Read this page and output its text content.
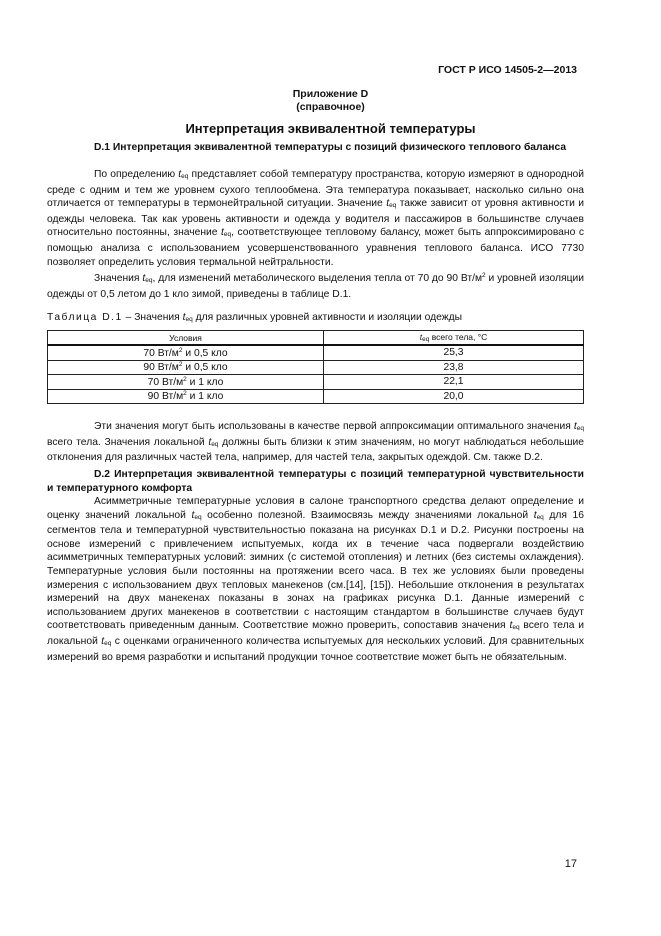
ГОСТ Р ИСО 14505-2—2013
Приложение D
(справочное)
Интерпретация эквивалентной температуры
D.1 Интерпретация эквивалентной температуры с позиций физического теплового баланса
По определению $t_{eq}$ представляет собой температуру пространства, которую измеряют в однородной среде с одним и тем же уровнем сухого теплообмена. Эта температура показывает, насколько сильно она отличается от температуры в термонейтральной ситуации. Значение $t_{eq}$ также зависит от уровня активности и одежды человека. Так как уровень активности и одежда у водителя и пассажиров в большинстве случаев относительно постоянны, значение $t_{eq}$, соответствующее тепловому балансу, может быть аппроксимировано с помощью анализа с использованием усовершенствованного уравнения теплового баланса. ИСО 7730 позволяет определить условия термальной нейтральности.
Значения $t_{eq}$, для изменений метаболического выделения тепла от 70 до 90 $Вт/м^2$ и уровней изоляции одежды от 0,5 летом до 1 кло зимой, приведены в таблице D.1.
Таблица D.1 – Значения $t_{eq}$ для различных уровней активности и изоляции одежды
Условия	$t_{eq}$ всего тела, °C
70 $Вт/м^2$ и 0,5 кло	25,3
90 $Вт/м^2$ и 0,5 кло	23,8
70 $Вт/м^2$ и 1 кло	22,1
90 $Вт/м^2$ и 1 кло	20,0
Эти значения могут быть использованы в качестве первой аппроксимации оптимального значения $t_{eq}$ всего тела. Значения локальной $t_{eq}$ должны быть близки к этим значениям, но могут наблюдаться небольшие отклонения для различных частей тела, например, для частей тела, закрытых одеждой. См. также D.2.
D.2 Интерпретация эквивалентной температуры с позиций температурной чувствительности и температурного комфорта
Асимметричные температурные условия в салоне транспортного средства делают определение и оценку значений локальной $t_{eq}$ особенно полезной. Взаимосвязь между значениями локальной $t_{eq}$ для 16 сегментов тела и температурной чувствительностью показана на рисунках D.1 и D.2. Рисунки построены на основе измерений с привлечением испытуемых, когда их в течение часа подвергали воздействию асимметричных температурных условий: зимних (с системой отопления) и летних (без системы охлаждения). Температурные условия были постоянны на протяжении всего часа. В тех же условиях были проведены измерения с использованием двух тепловых манекенов (см.[14], [15]). Небольшие отклонения в результатах измерений на двух манекенах показаны в зонах на графиках рисунка D.1. Данные измерений с использованием других манекенов в соответствии с настоящим стандартом в большинстве случаев будут соответствовать приведенным данным. Соответствие можно проверить, сопоставив значения $t_{eq}$ всего тела и локальной $t_{eq}$ с оценками ограниченного количества испытуемых для нескольких условий. Для сравнительных измерений во время разработки и испытаний продукции точное соответствие может быть не обязательным.
17
